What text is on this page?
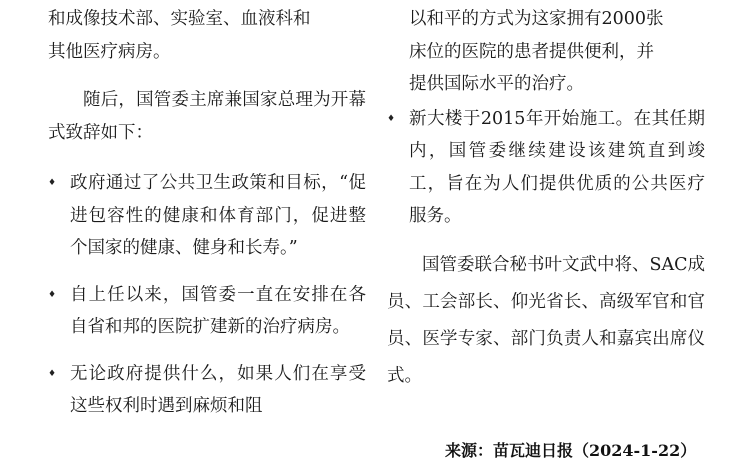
和成像技术部、实验室、血液科和

其他医疗病房。

随后，国管委主席兼国家总理为开幕式致辞如下：

♦ 政府通过了公共卫生政策和目标，“促进包容性的健康和体育部门，促进整个国家的健康、健身和长寿。”
♦ 自上任以来，国管委一直在安排在各自省和邦的医院扩建新的治疗病房。
♦ 无论政府提供什么，如果人们在享受这些权利时遇到麻烦和阻

以和平的方式为这家拥有2000张

床位的医院的患者提供便利，并

提供国际水平的治疗。

♦ 新大楼于2015年开始施工。在其任期内，国管委继续建设该建筑直到竣工，旨在为人们提供优质的公共医疗服务。

国管委联合秘书叶文武中将、SAC成员、工会部长、仰光省长、高级军官和官员、医学专家、部门负责人和嘉宾出席仪式。

来源：苗瓦迪日报（2024-1-22）
